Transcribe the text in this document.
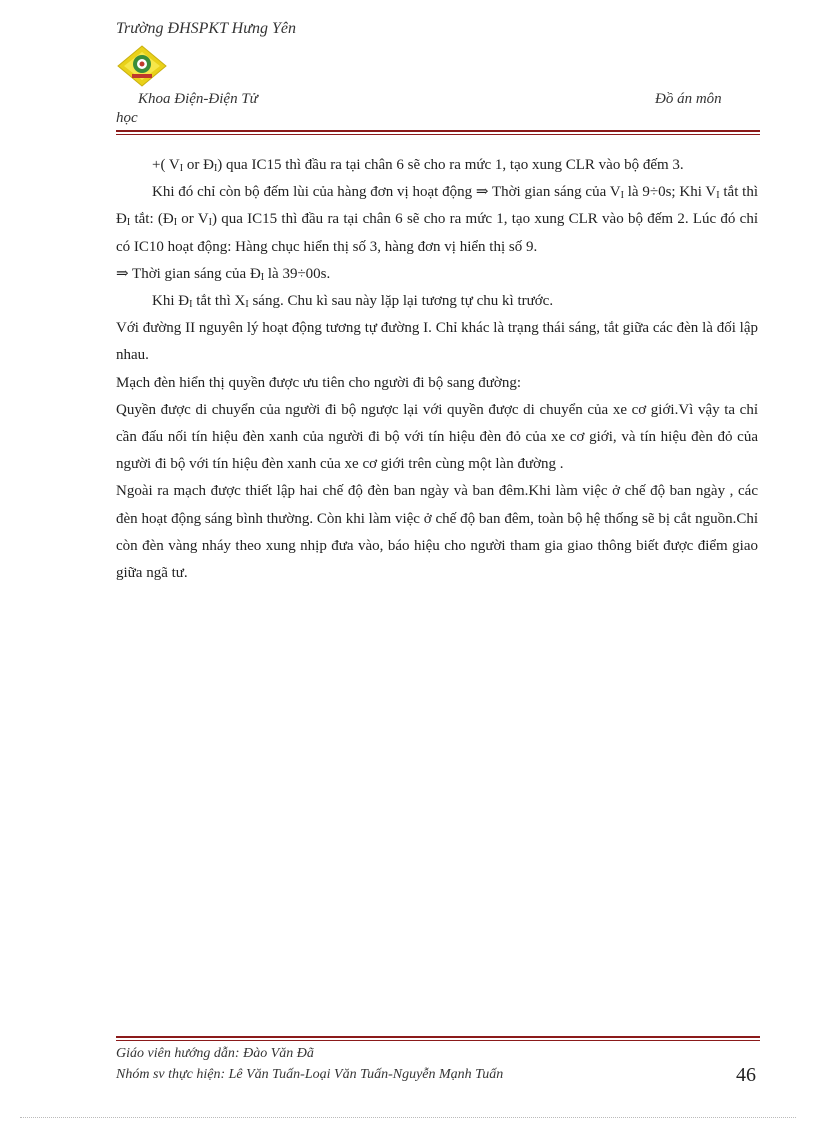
Trường ĐHSPKT Hưng Yên
Khoa Điện-Điện Tử	Đồ án môn
học

+( $V_I$ or $Đ_I$) qua IC15 thì đầu ra tại chân 6 sẽ cho ra mức 1, tạo xung CLR vào bộ đếm 3.

Khi đó chỉ còn bộ đếm lùi của hàng đơn vị hoạt động ⇒ Thời gian sáng của $V_I$ là 9÷0s; Khi $V_I$ tắt thì $Đ_I$ tắt: ($Đ_I$ or $V_I$) qua IC15 thì đầu ra tại chân 6 sẽ cho ra mức 1, tạo xung CLR vào bộ đếm 2. Lúc đó chỉ có IC10 hoạt động: Hàng chục hiển thị số 3, hàng đơn vị hiển thị số 9.

⇒ Thời gian sáng của $Đ_I$ là 39÷00s.

Khi $Đ_I$ tắt thì $X_I$ sáng. Chu kì sau này lặp lại tương tự chu kì trước.

Với đường II nguyên lý hoạt động tương tự đường I. Chỉ khác là trạng thái sáng, tắt giữa các đèn là đối lập nhau.

Mạch đèn hiển thị quyền được ưu tiên cho người đi bộ sang đường:

Quyền được di chuyển của người đi bộ ngược lại với quyền được di chuyển của xe cơ giới.Vì vậy ta chỉ cần đấu nối tín hiệu đèn xanh của người đi bộ với tín hiệu đèn đỏ của xe cơ giới, và tín hiệu đèn đỏ của người đi bộ với tín hiệu đèn xanh của xe cơ giới trên cùng một làn đường .

Ngoài ra mạch được thiết lập hai chế độ đèn ban ngày và ban đêm.Khi làm việc ở chế độ ban ngày , các đèn hoạt động sáng bình thường. Còn khi làm việc ở chế độ ban đêm, toàn bộ hệ thống sẽ bị cắt nguồn.Chỉ còn đèn vàng nháy theo xung nhịp đưa vào, báo hiệu cho người tham gia giao thông biết được điểm giao giữa ngã tư.

Giáo viên hướng dẫn: Đào Văn Đã
Nhóm sv thực hiện: Lê Văn Tuấn-Loại Văn Tuấn-Nguyễn Mạnh Tuấn	46
